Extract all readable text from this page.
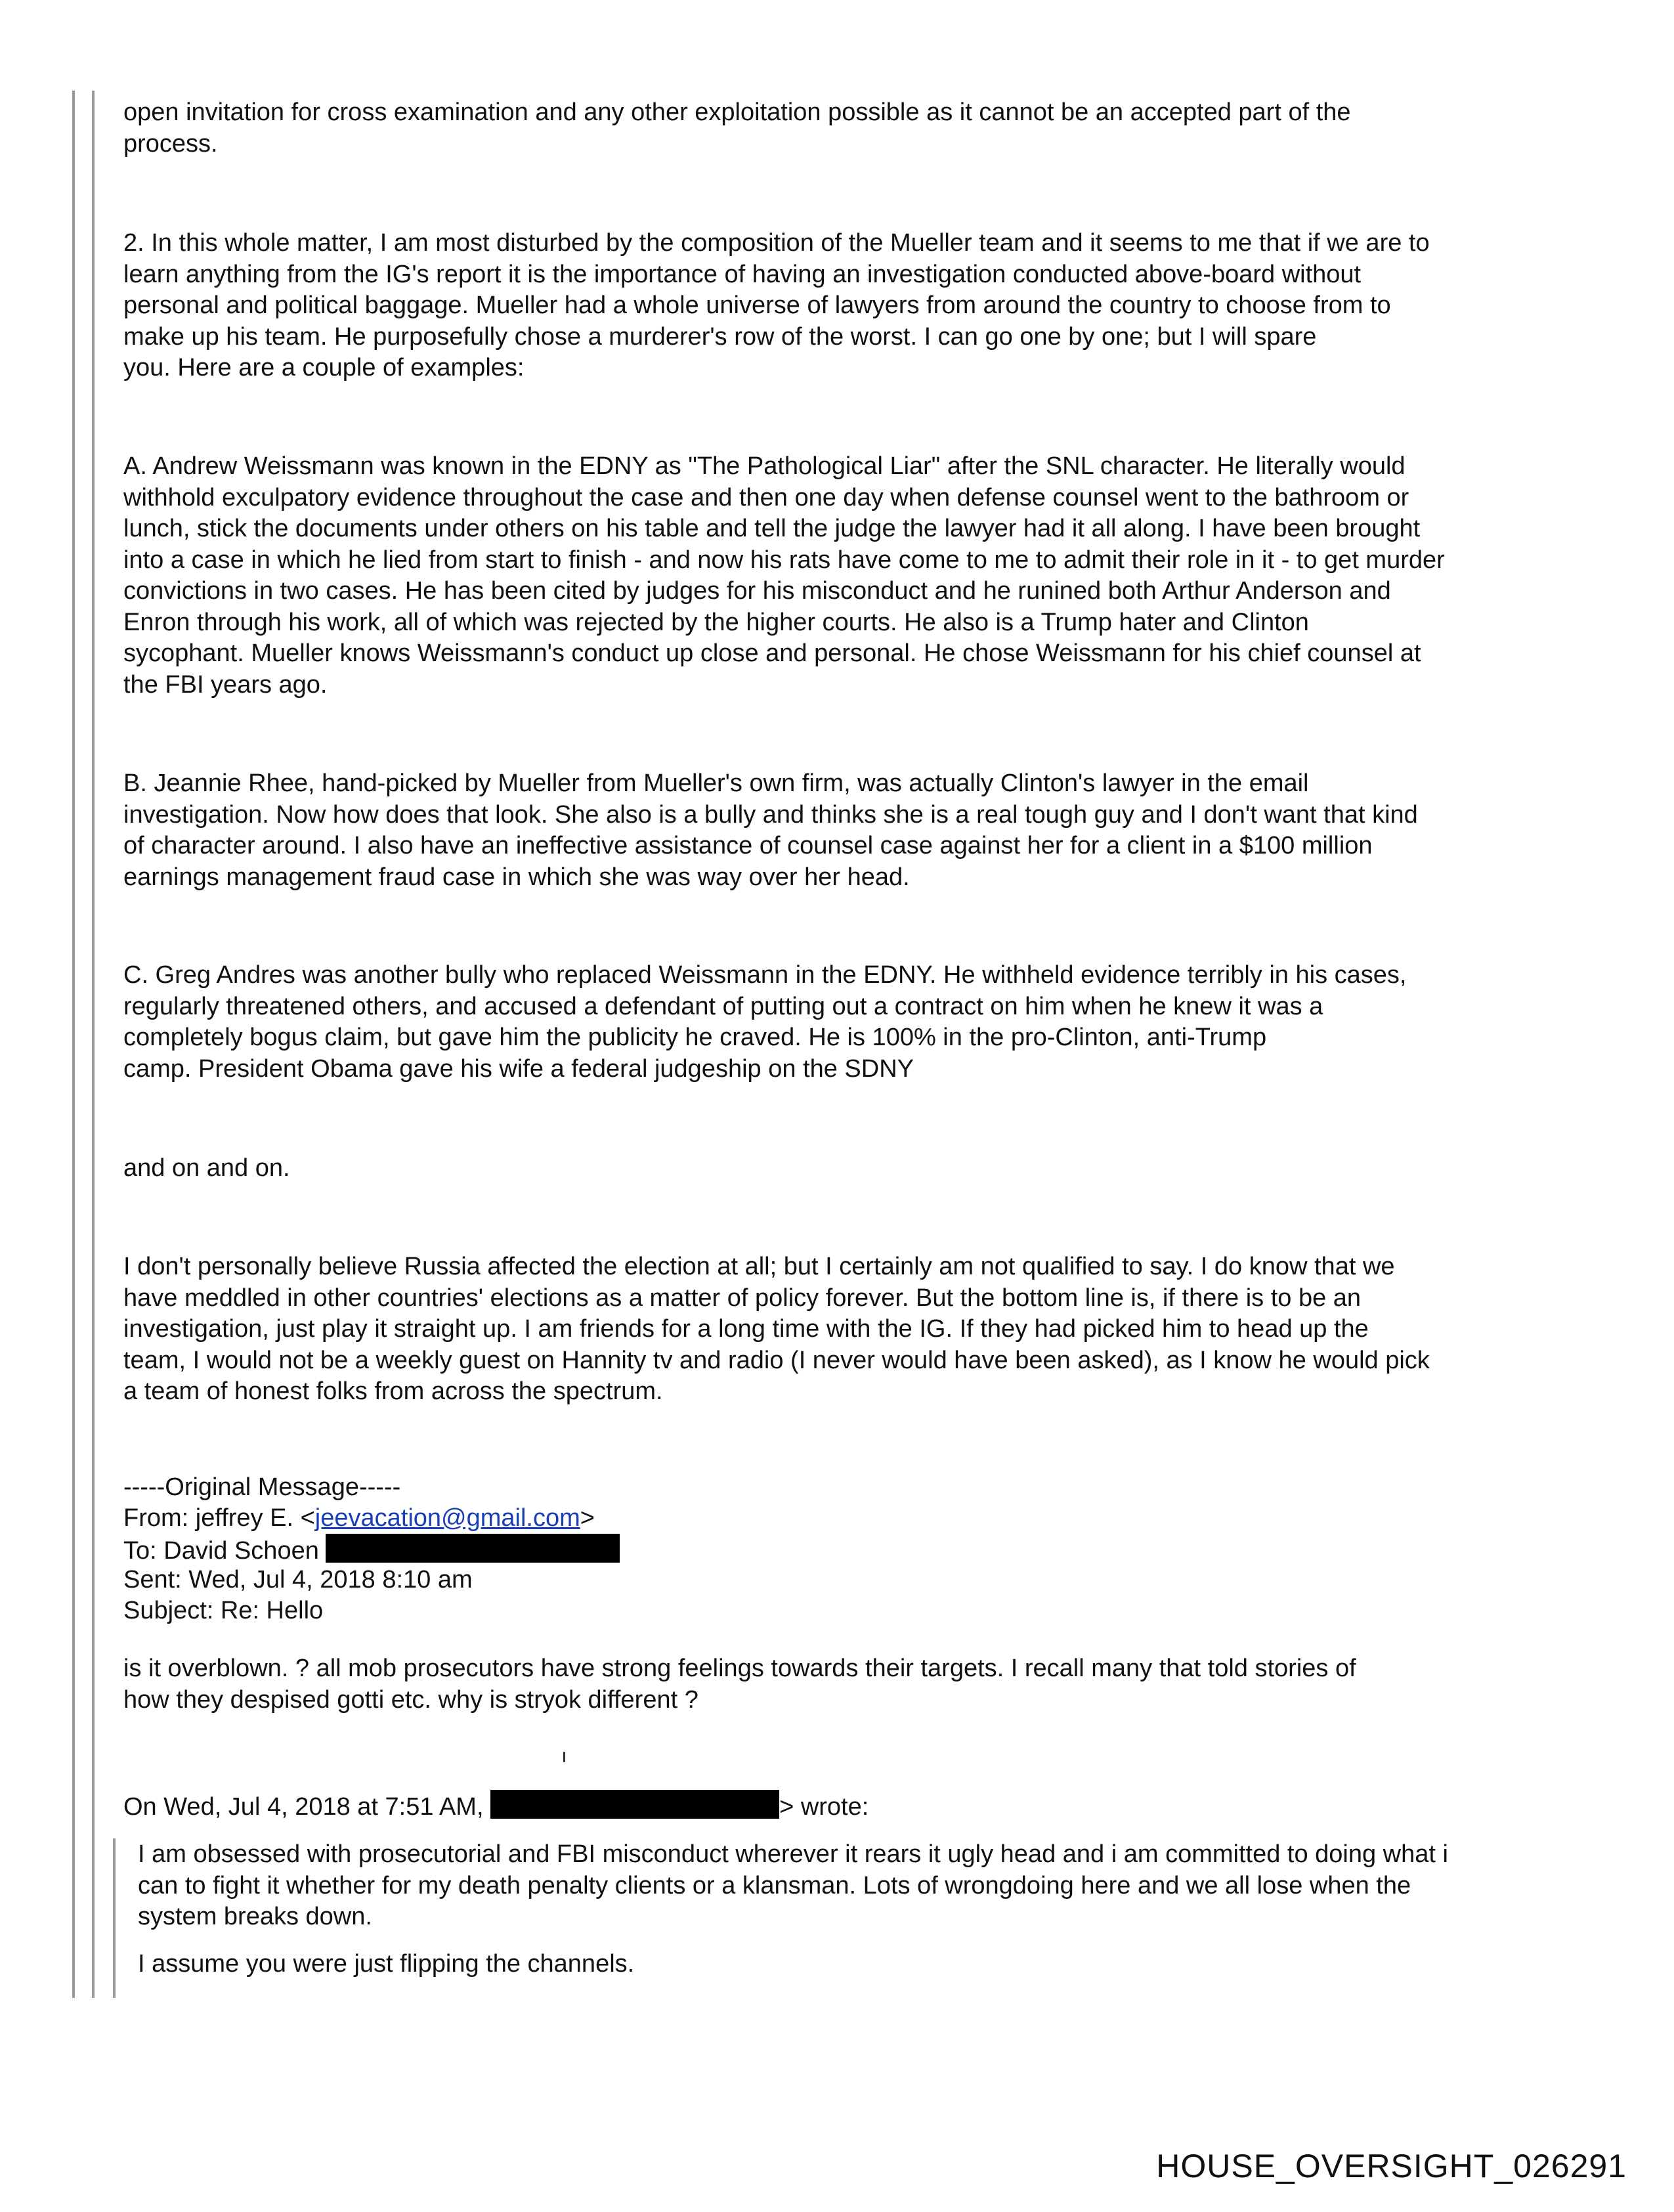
open invitation for cross examination and any other exploitation possible as it cannot be an accepted part of the
process.
2. In this whole matter, I am most disturbed by the composition of the Mueller team and it seems to me that if we are to
learn anything from the IG's report it is the importance of having an investigation conducted above-board without
personal and political baggage. Mueller had a whole universe of lawyers from around the country to choose from to
make up his team. He purposefully chose a murderer's row of the worst. I can go one by one; but I will spare
you. Here are a couple of examples:
A. Andrew Weissmann was known in the EDNY as "The Pathological Liar" after the SNL character. He literally would
withhold exculpatory evidence throughout the case and then one day when defense counsel went to the bathroom or
lunch, stick the documents under others on his table and tell the judge the lawyer had it all along. I have been brought
into a case in which he lied from start to finish - and now his rats have come to me to admit their role in it - to get murder
convictions in two cases. He has been cited by judges for his misconduct and he runined both Arthur Anderson and
Enron through his work, all of which was rejected by the higher courts. He also is a Trump hater and Clinton
sycophant. Mueller knows Weissmann's conduct up close and personal. He chose Weissmann for his chief counsel at
the FBI years ago.
B. Jeannie Rhee, hand-picked by Mueller from Mueller's own firm, was actually Clinton's lawyer in the email
investigation. Now how does that look. She also is a bully and thinks she is a real tough guy and I don't want that kind
of character around. I also have an ineffective assistance of counsel case against her for a client in a $100 million
earnings management fraud case in which she was way over her head.
C. Greg Andres was another bully who replaced Weissmann in the EDNY. He withheld evidence terribly in his cases,
regularly threatened others, and accused a defendant of putting out a contract on him when he knew it was a
completely bogus claim, but gave him the publicity he craved. He is 100% in the pro-Clinton, anti-Trump
camp. President Obama gave his wife a federal judgeship on the SDNY
and on and on.
I don't personally believe Russia affected the election at all; but I certainly am not qualified to say. I do know that we
have meddled in other countries' elections as a matter of policy forever. But the bottom line is, if there is to be an
investigation, just play it straight up. I am friends for a long time with the IG. If they had picked him to head up the
team, I would not be a weekly guest on Hannity tv and radio (I never would have been asked), as I know he would pick
a team of honest folks from across the spectrum.
-----Original Message-----
From: jeffrey E. <jeevacation@gmail.com>
To: David Schoen
Sent: Wed, Jul 4, 2018 8:10 am
Subject: Re: Hello
is it overblown. ? all mob prosecutors have strong feelings towards their targets. I recall many that told stories of
how they despised gotti etc. why is stryok different ?
On Wed, Jul 4, 2018 at 7:51 AM,	> wrote:
I am obsessed with prosecutorial and FBI misconduct wherever it rears it ugly head and i am committed to doing what i
can to fight it whether for my death penalty clients or a klansman. Lots of wrongdoing here and we all lose when the
system breaks down.
I assume you were just flipping the channels.
HOUSE_OVERSIGHT_026291
